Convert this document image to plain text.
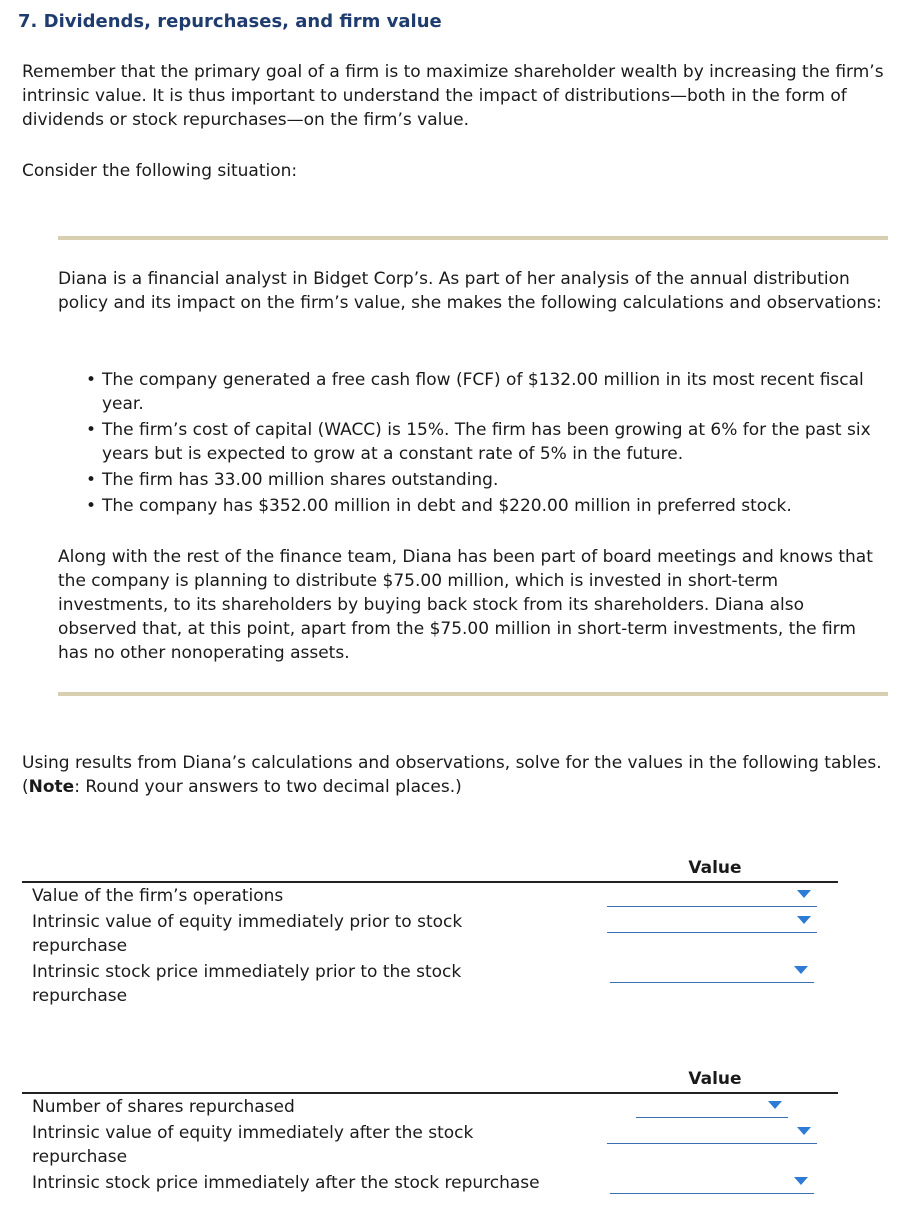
7. Dividends, repurchases, and firm value

Remember that the primary goal of a firm is to maximize shareholder wealth by increasing the firm’s intrinsic value. It is thus important to understand the impact of distributions—both in the form of dividends or stock repurchases—on the firm’s value.

Consider the following situation:

Diana is a financial analyst in Bidget Corp’s. As part of her analysis of the annual distribution policy and its impact on the firm’s value, she makes the following calculations and observations:

• The company generated a free cash flow (FCF) of $132.00 million in its most recent fiscal year.
• The firm’s cost of capital (WACC) is 15%. The firm has been growing at 6% for the past six years but is expected to grow at a constant rate of 5% in the future.
• The firm has 33.00 million shares outstanding.
• The company has $352.00 million in debt and $220.00 million in preferred stock.

Along with the rest of the finance team, Diana has been part of board meetings and knows that the company is planning to distribute $75.00 million, which is invested in short-term investments, to its shareholders by buying back stock from its shareholders. Diana also observed that, at this point, apart from the $75.00 million in short-term investments, the firm has no other nonoperating assets.

Using results from Diana’s calculations and observations, solve for the values in the following tables. (Note: Round your answers to two decimal places.)

Value
Value of the firm’s operations
Intrinsic value of equity immediately prior to stock repurchase
Intrinsic stock price immediately prior to the stock repurchase
Value
Number of shares repurchased
Intrinsic value of equity immediately after the stock repurchase
Intrinsic stock price immediately after the stock repurchase
